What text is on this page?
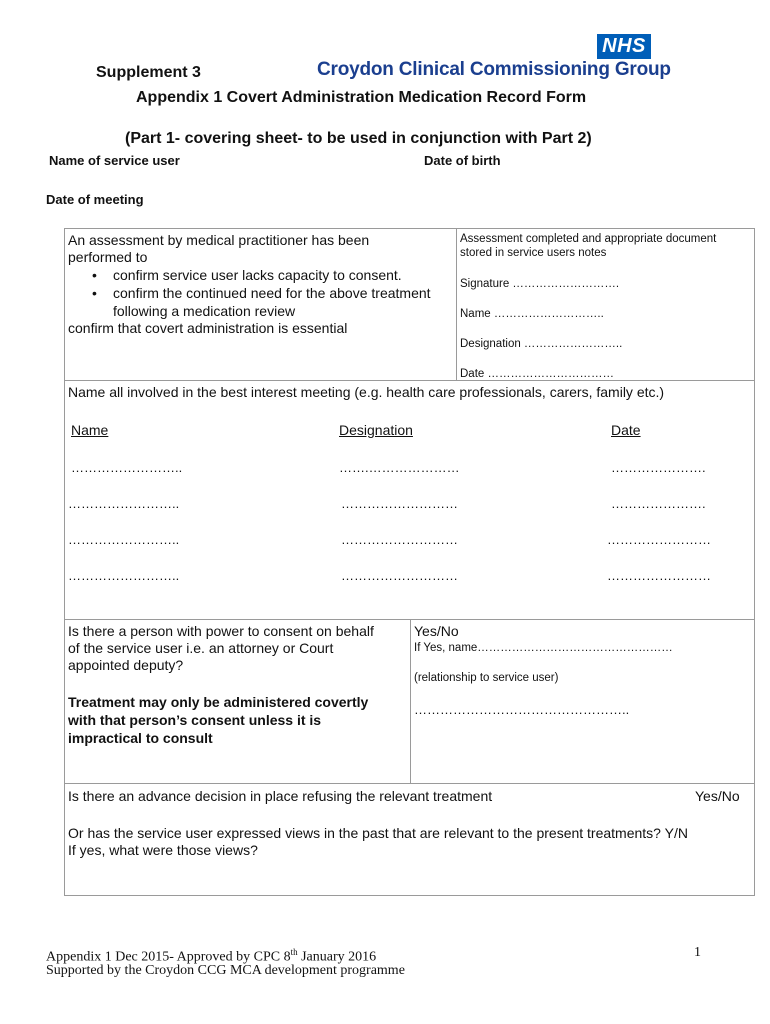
NHS
Croydon Clinical Commissioning Group
Supplement 3
Appendix 1 Covert Administration Medication Record Form
(Part 1- covering sheet- to be used in conjunction with Part 2)
Name of service user	Date of birth
Date of meeting
An assessment by medical practitioner has been
performed to
• confirm service user lacks capacity to consent.
• confirm the continued need for the above treatment
following a medication review
confirm that covert administration is essential
Assessment completed and appropriate document
stored in service users notes
Signature ……………………….
Name ………………………..
Designation ……………………..
Date ……………………………
Name all involved in the best interest meeting (e.g. health care professionals, carers, family etc.)
Name	Designation	Date
……………………..	…….…………………	………………….
……………………..	………………………	………………….
……………………..	………………………	……………………
……………………..	………………………	……………………
Is there a person with power to consent on behalf
of the service user i.e. an attorney or Court
appointed deputy?
Treatment may only be administered covertly
with that person’s consent unless it is
impractical to consult
Yes/No
If Yes, name……………………………………………
(relationship to service user)
…………………………………………..
Is there an advance decision in place refusing the relevant treatment	Yes/No
Or has the service user expressed views in the past that are relevant to the present treatments? Y/N
If yes, what were those views?
Appendix 1 Dec 2015- Approved by CPC 8th January 2016
Supported by the Croydon CCG MCA development programme
1
